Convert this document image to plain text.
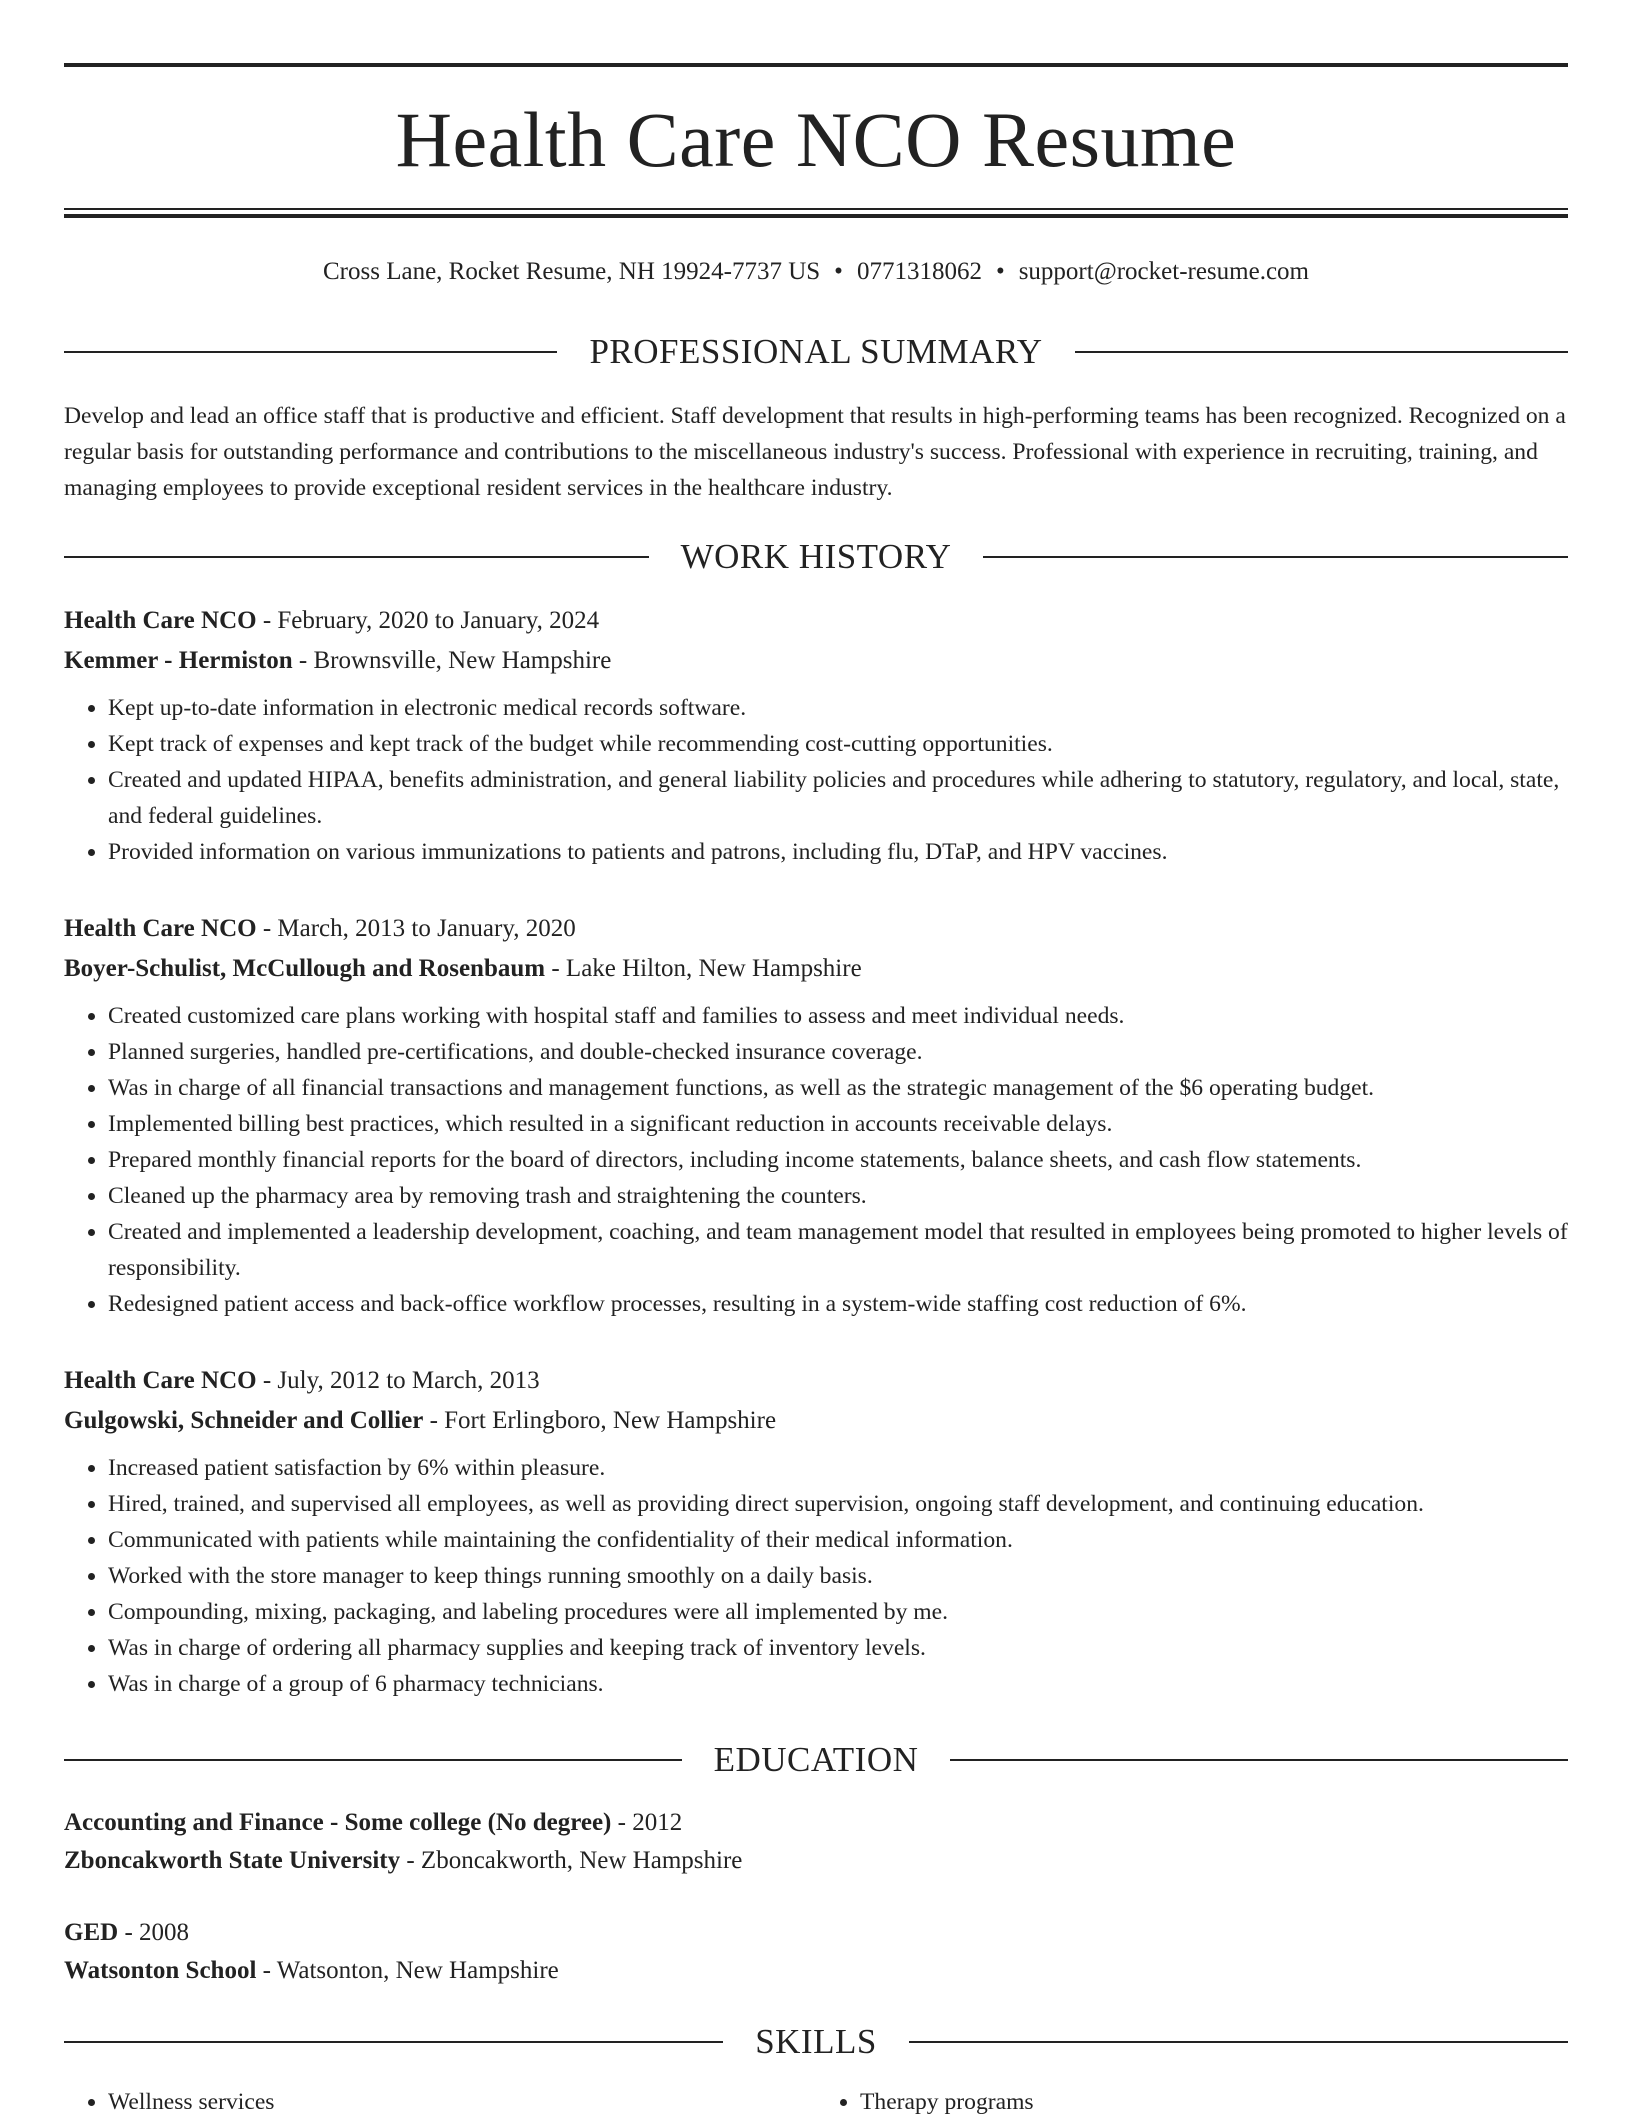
Health Care NCO Resume
Cross Lane, Rocket Resume, NH 19924-7737 US • 0771318062 • support@rocket-resume.com
PROFESSIONAL SUMMARY

Develop and lead an office staff that is productive and efficient. Staff development that results in high-performing teams has been recognized. Recognized on a regular basis for outstanding performance and contributions to the miscellaneous industry's success. Professional with experience in recruiting, training, and managing employees to provide exceptional resident services in the healthcare industry.

WORK HISTORY
Health Care NCO - February, 2020 to January, 2024
Kemmer - Hermiston - Brownsville, New Hampshire
• Kept up-to-date information in electronic medical records software.
• Kept track of expenses and kept track of the budget while recommending cost-cutting opportunities.
• Created and updated HIPAA, benefits administration, and general liability policies and procedures while adhering to statutory, regulatory, and local, state, and federal guidelines.
• Provided information on various immunizations to patients and patrons, including flu, DTaP, and HPV vaccines.
Health Care NCO - March, 2013 to January, 2020
Boyer-Schulist, McCullough and Rosenbaum - Lake Hilton, New Hampshire
• Created customized care plans working with hospital staff and families to assess and meet individual needs.
• Planned surgeries, handled pre-certifications, and double-checked insurance coverage.
• Was in charge of all financial transactions and management functions, as well as the strategic management of the $6 operating budget.
• Implemented billing best practices, which resulted in a significant reduction in accounts receivable delays.
• Prepared monthly financial reports for the board of directors, including income statements, balance sheets, and cash flow statements.
• Cleaned up the pharmacy area by removing trash and straightening the counters.
• Created and implemented a leadership development, coaching, and team management model that resulted in employees being promoted to higher levels of responsibility.
• Redesigned patient access and back-office workflow processes, resulting in a system-wide staffing cost reduction of 6%.
Health Care NCO - July, 2012 to March, 2013
Gulgowski, Schneider and Collier - Fort Erlingboro, New Hampshire
• Increased patient satisfaction by 6% within pleasure.
• Hired, trained, and supervised all employees, as well as providing direct supervision, ongoing staff development, and continuing education.
• Communicated with patients while maintaining the confidentiality of their medical information.
• Worked with the store manager to keep things running smoothly on a daily basis.
• Compounding, mixing, packaging, and labeling procedures were all implemented by me.
• Was in charge of ordering all pharmacy supplies and keeping track of inventory levels.
• Was in charge of a group of 6 pharmacy technicians.
EDUCATION
Accounting and Finance - Some college (No degree) - 2012
Zboncakworth State University - Zboncakworth, New Hampshire
GED - 2008
Watsonton School - Watsonton, New Hampshire
SKILLS
• Wellness services
•	Therapy programs
